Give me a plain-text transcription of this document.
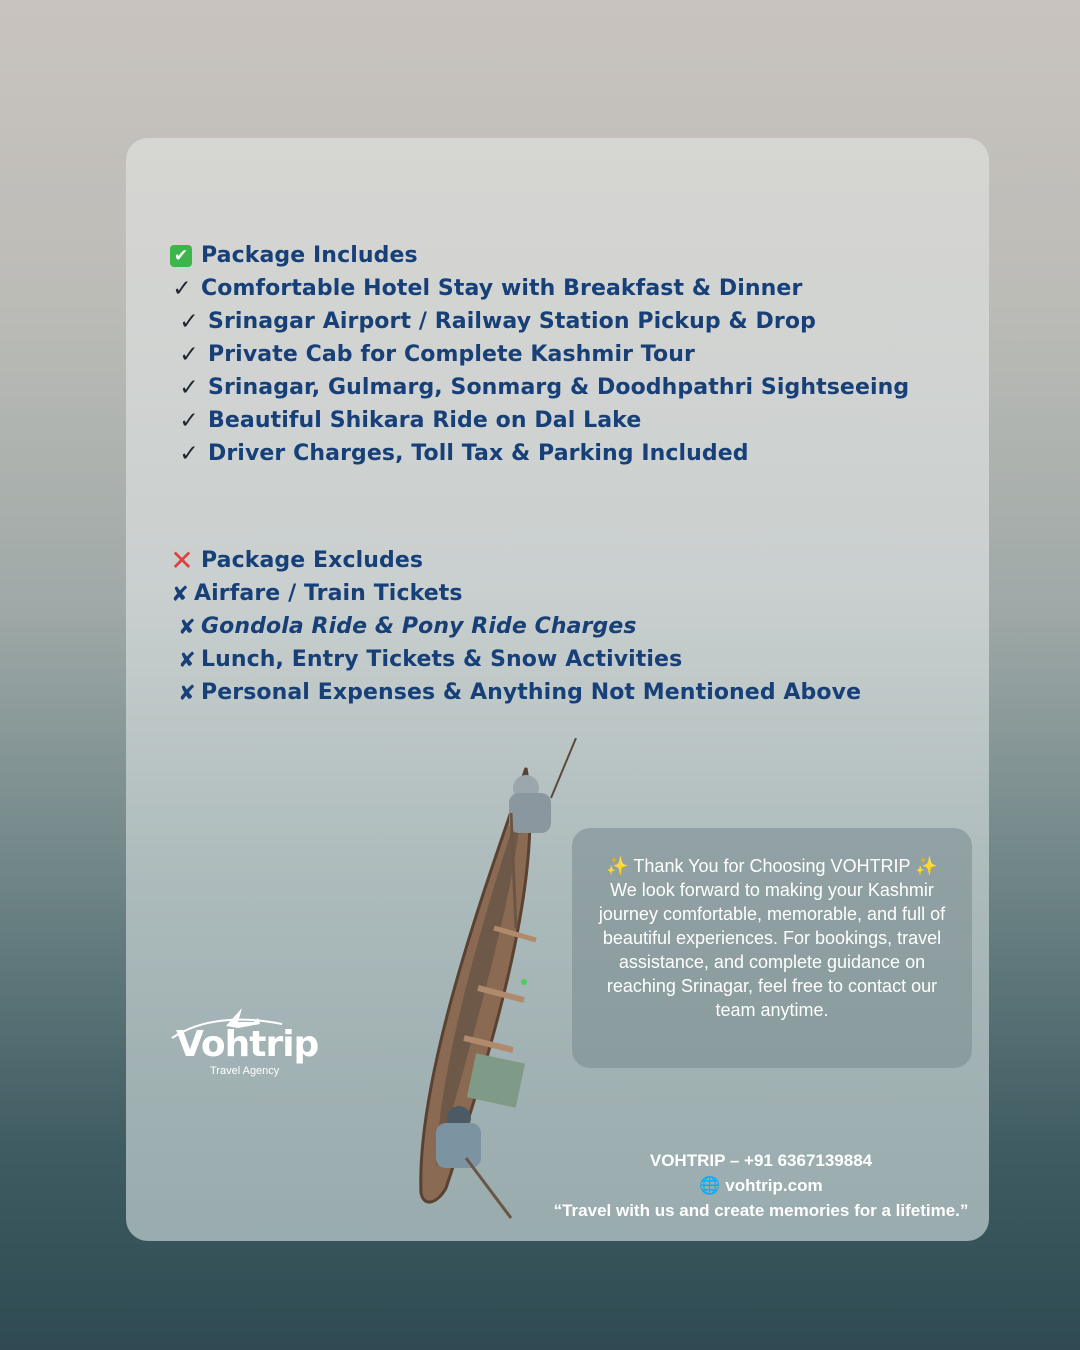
✔ Package Includes
✓ Comfortable Hotel Stay with Breakfast & Dinner
✓ Srinagar Airport / Railway Station Pickup & Drop
✓ Private Cab for Complete Kashmir Tour
✓ Srinagar, Gulmarg, Sonmarg & Doodhpathri Sightseeing
✓ Beautiful Shikara Ride on Dal Lake
✓ Driver Charges, Toll Tax & Parking Included
✕ Package Excludes
✘ Airfare / Train Tickets
✘ Gondola Ride & Pony Ride Charges
✘ Lunch, Entry Tickets & Snow Activities
✘ Personal Expenses & Anything Not Mentioned Above
Vohtrip
Travel Agency
✨ Thank You for Choosing VOHTRIP ✨
We look forward to making your Kashmir journey comfortable, memorable, and full of beautiful experiences. For bookings, travel assistance, and complete guidance on reaching Srinagar, feel free to contact our team anytime.
VOHTRIP – +91 6367139884
🌐 vohtrip.com
“Travel with us and create memories for a lifetime.”
